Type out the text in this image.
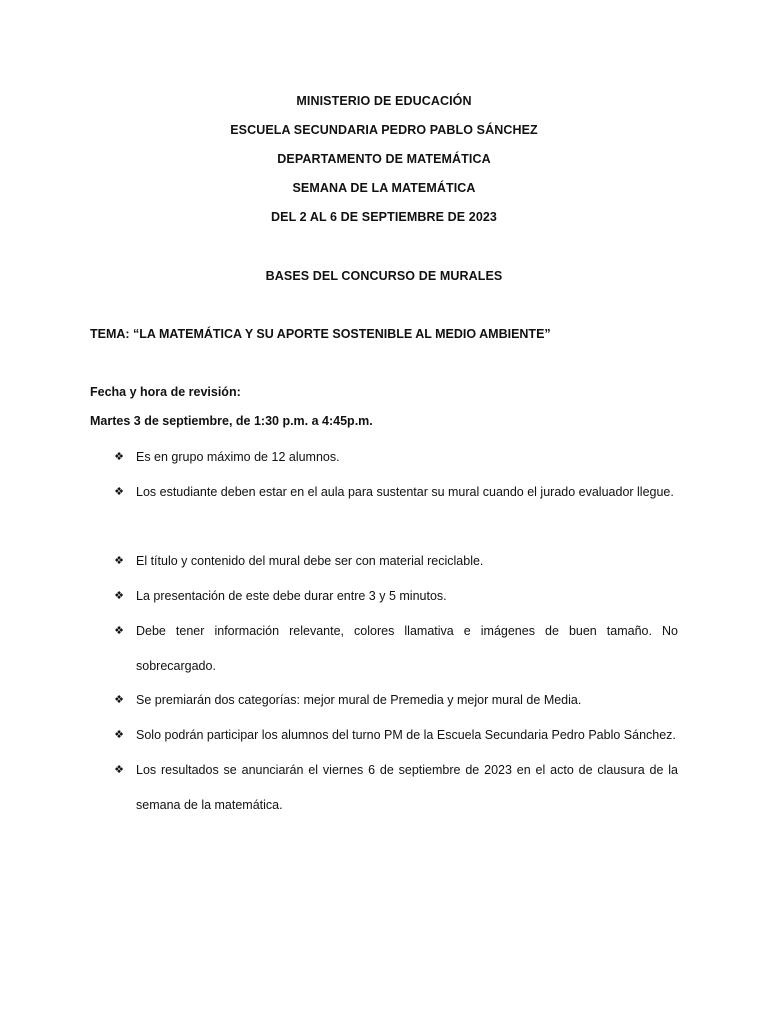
MINISTERIO DE EDUCACIÓN
ESCUELA SECUNDARIA PEDRO PABLO SÁNCHEZ
DEPARTAMENTO DE MATEMÁTICA
SEMANA DE LA MATEMÁTICA
DEL 2 AL 6 DE SEPTIEMBRE DE 2023
BASES DEL CONCURSO DE MURALES
TEMA: “LA MATEMÁTICA Y SU APORTE SOSTENIBLE AL MEDIO AMBIENTE”
Fecha y hora de revisión:
Martes 3 de septiembre, de 1:30 p.m. a 4:45p.m.
❖ Es en grupo máximo de 12 alumnos.
❖ Los estudiante deben estar en el aula para sustentar su mural cuando el jurado evaluador llegue.
❖ El título y contenido del mural debe ser con material reciclable.
❖ La presentación de este debe durar entre 3 y 5 minutos.
❖ Debe tener información relevante, colores llamativa e imágenes de buen tamaño. No sobrecargado.
❖ Se premiarán dos categorías: mejor mural de Premedia y mejor mural de Media.
❖ Solo podrán participar los alumnos del turno PM de la Escuela Secundaria Pedro Pablo Sánchez.
❖ Los resultados se anunciarán el viernes 6 de septiembre de 2023 en el acto de clausura de la semana de la matemática.
